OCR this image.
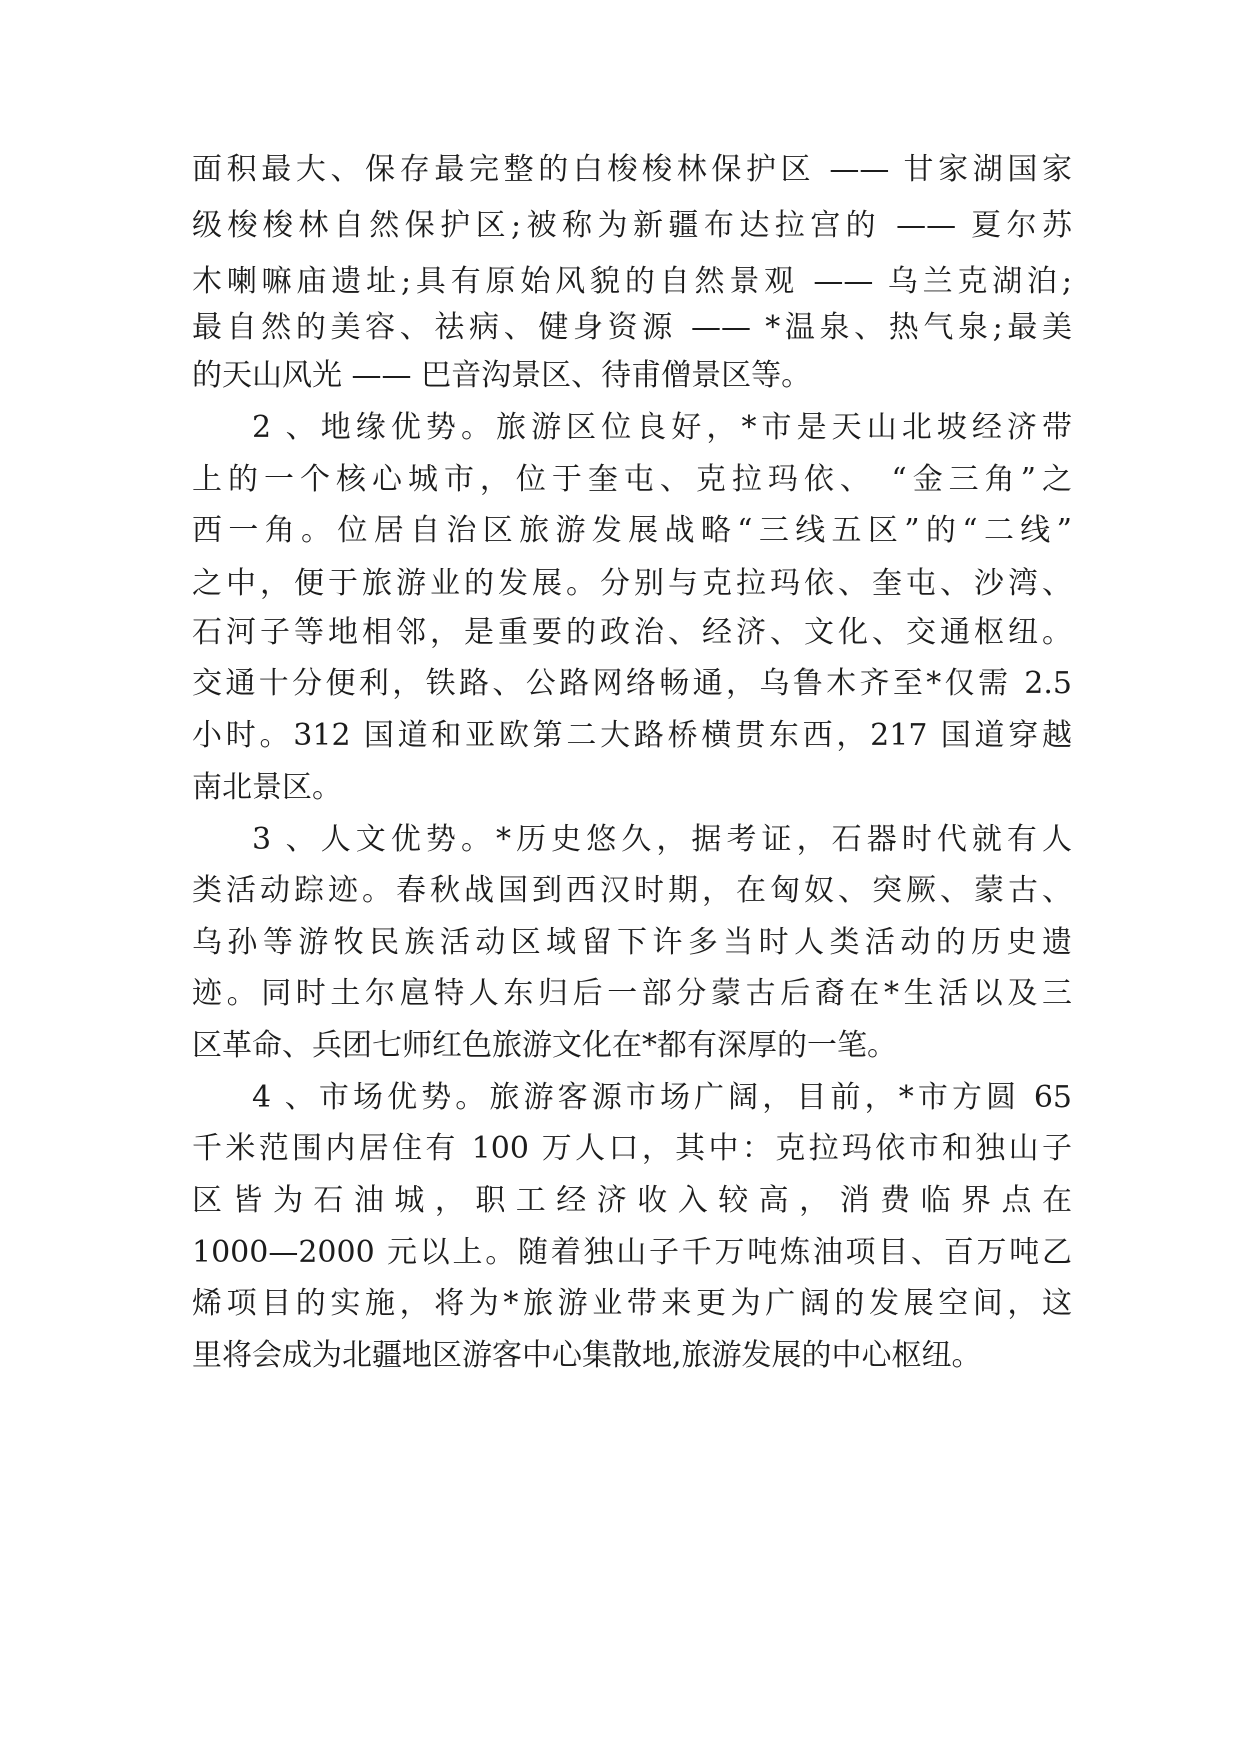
面积最大、保存最完整的白梭梭林保护区 —— 甘家湖国家
级梭梭林自然保护区;被称为新疆布达拉宫的 —— 夏尔苏
木喇嘛庙遗址;具有原始风貌的自然景观 —— 乌兰克湖泊;
最自然的美容、祛病、健身资源 —— *温泉、热气泉;最美
的天山风光 —— 巴音沟景区、待甫僧景区等。
2 、地缘优势。旅游区位良好，*市是天山北坡经济带
上的一个核心城市，位于奎屯、克拉玛依、 “金三角”之
西一角。位居自治区旅游发展战略“三线五区”的“二线”
之中，便于旅游业的发展。分别与克拉玛依、奎屯、沙湾、
石河子等地相邻，是重要的政治、经济、文化、交通枢纽。
交通十分便利，铁路、公路网络畅通，乌鲁木齐至*仅需 2.5
小时。312 国道和亚欧第二大路桥横贯东西，217 国道穿越
南北景区。
3 、人文优势。*历史悠久，据考证，石器时代就有人
类活动踪迹。春秋战国到西汉时期，在匈奴、突厥、蒙古、
乌孙等游牧民族活动区域留下许多当时人类活动的历史遗
迹。同时土尔扈特人东归后一部分蒙古后裔在*生活以及三
区革命、兵团七师红色旅游文化在*都有深厚的一笔。
4 、市场优势。旅游客源市场广阔，目前，*市方圆 65
千米范围内居住有 100 万人口，其中：克拉玛依市和独山子
区皆为石油城，职工经济收入较高，消费临界点在
1000—2000 元以上。随着独山子千万吨炼油项目、百万吨乙
烯项目的实施，将为*旅游业带来更为广阔的发展空间，这
里将会成为北疆地区游客中心集散地,旅游发展的中心枢纽。
